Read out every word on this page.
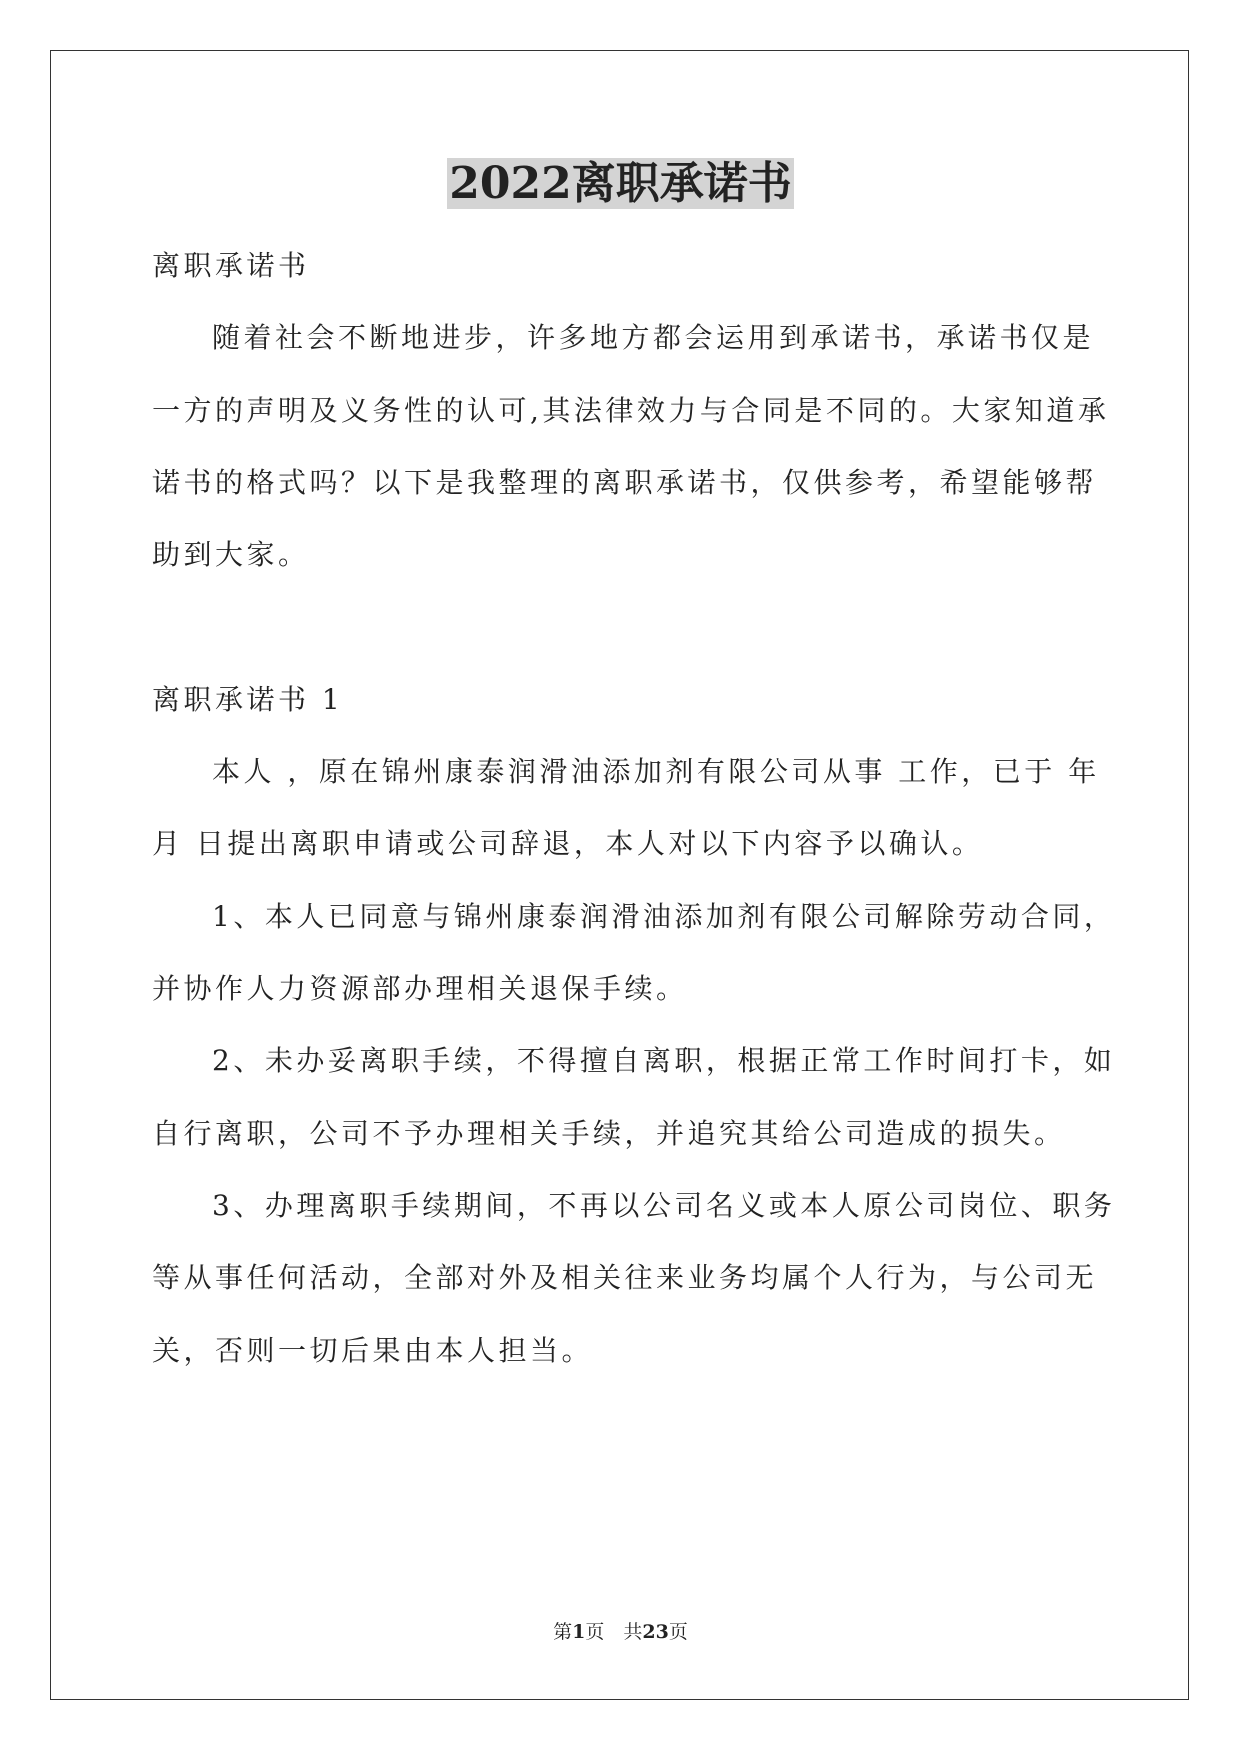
2022离职承诺书
离职承诺书
随着社会不断地进步，许多地方都会运用到承诺书，承诺书仅是
一方的声明及义务性的认可,其法律效力与合同是不同的。大家知道承
诺书的格式吗？以下是我整理的离职承诺书，仅供参考，希望能够帮
助到大家。
离职承诺书 1
本人 ，原在锦州康泰润滑油添加剂有限公司从事 工作，已于 年
月 日提出离职申请或公司辞退，本人对以下内容予以确认。
1、本人已同意与锦州康泰润滑油添加剂有限公司解除劳动合同，
并协作人力资源部办理相关退保手续。
2、未办妥离职手续，不得擅自离职，根据正常工作时间打卡，如
自行离职，公司不予办理相关手续，并追究其给公司造成的损失。
3、办理离职手续期间，不再以公司名义或本人原公司岗位、职务
等从事任何活动，全部对外及相关往来业务均属个人行为，与公司无
关，否则一切后果由本人担当。
第1页　共23页
